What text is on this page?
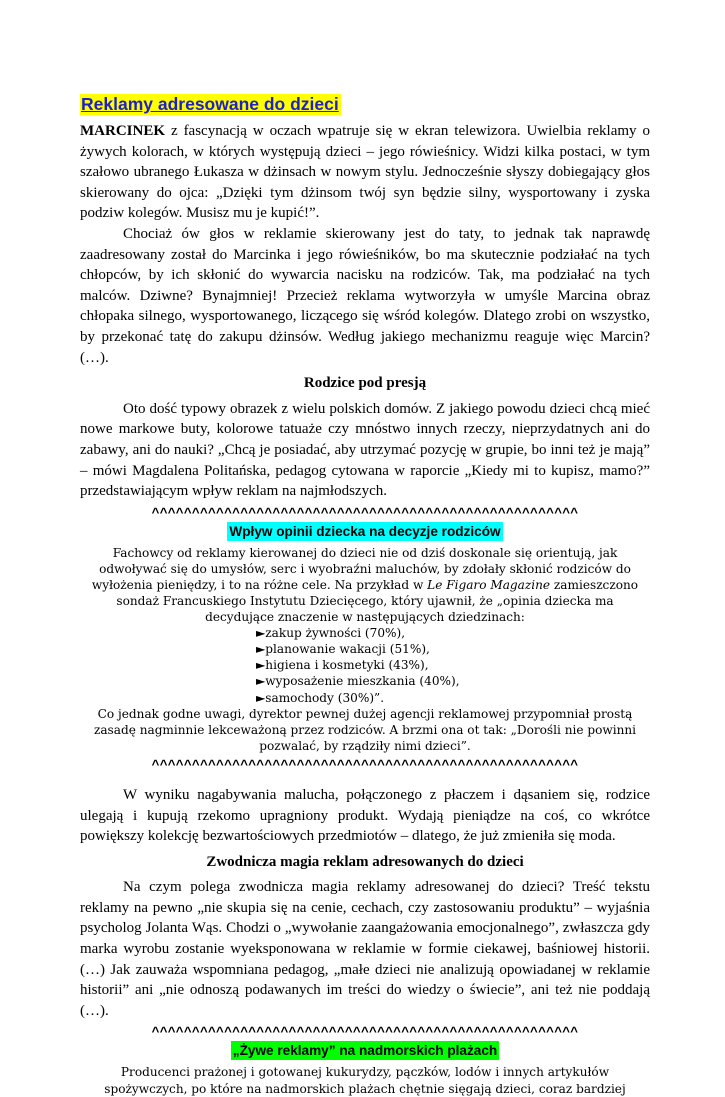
Reklamy adresowane do dzieci

MARCINEK z fascynacją w oczach wpatruje się w ekran telewizora. Uwielbia reklamy o żywych kolorach, w których występują dzieci – jego rówieśnicy. Widzi kilka postaci, w tym szałowo ubranego Łukasza w dżinsach w nowym stylu. Jednocześnie słyszy dobiegający głos skierowany do ojca: „Dzięki tym dżinsom twój syn będzie silny, wysportowany i zyska podziw kolegów. Musisz mu je kupić!”.

Chociaż ów głos w reklamie skierowany jest do taty, to jednak tak naprawdę zaadresowany został do Marcinka i jego rówieśników, bo ma skutecznie podziałać na tych chłopców, by ich skłonić do wywarcia nacisku na rodziców. Tak, ma podziałać na tych malców. Dziwne? Bynajmniej! Przecież reklama wytworzyła w umyśle Marcina obraz chłopaka silnego, wysportowanego, liczącego się wśród kolegów. Dlatego zrobi on wszystko, by przekonać tatę do zakupu dżinsów. Według jakiego mechanizmu reaguje więc Marcin? (…).

Rodzice pod presją

Oto dość typowy obrazek z wielu polskich domów. Z jakiego powodu dzieci chcą mieć nowe markowe buty, kolorowe tatuaże czy mnóstwo innych rzeczy, nieprzydatnych ani do zabawy, ani do nauki? „Chcą je posiadać, aby utrzymać pozycję w grupie, bo inni też je mają” – mówi Magdalena Politańska, pedagog cytowana w raporcie „Kiedy mi to kupisz, mamo?” przedstawiającym wpływ reklam na najmłodszych.

^^^^^^^^^^^^^^^^^^^^^^^^^^^^^^^^^^^^^^^^^^^^^^^^^^^^^
Wpływ opinii dziecka na decyzje rodziców

Fachowcy od reklamy kierowanej do dzieci nie od dziś doskonale się orientują, jak odwoływać się do umysłów, serc i wyobraźni maluchów, by zdołały skłonić rodziców do wyłożenia pieniędzy, i to na różne cele. Na przykład w Le Figaro Magazine zamieszczono sondaż Francuskiego Instytutu Dziecięcego, który ujawnił, że „opinia dziecka ma decydujące znaczenie w następujących dziedzinach:

►zakup żywności (70%),
►planowanie wakacji (51%),
►higiena i kosmetyki (43%),
►wyposażenie mieszkania (40%),
►samochody (30%)”.

Co jednak godne uwagi, dyrektor pewnej dużej agencji reklamowej przypomniał prostą zasadę nagminnie lekceważoną przez rodziców. A brzmi ona ot tak: „Dorośli nie powinni pozwalać, by rządziły nimi dzieci”.

^^^^^^^^^^^^^^^^^^^^^^^^^^^^^^^^^^^^^^^^^^^^^^^^^^^^^

W wyniku nagabywania malucha, połączonego z płaczem i dąsaniem się, rodzice ulegają i kupują rzekomo upragniony produkt. Wydają pieniądze na coś, co wkrótce powiększy kolekcję bezwartościowych przedmiotów – dlatego, że już zmieniła się moda.

Zwodnicza magia reklam adresowanych do dzieci

Na czym polega zwodnicza magia reklamy adresowanej do dzieci? Treść tekstu reklamy na pewno „nie skupia się na cenie, cechach, czy zastosowaniu produktu” – wyjaśnia psycholog Jolanta Wąs. Chodzi o „wywołanie zaangażowania emocjonalnego”, zwłaszcza gdy marka wyrobu zostanie wyeksponowana w reklamie w formie ciekawej, baśniowej historii. (…) Jak zauważa wspomniana pedagog, „małe dzieci nie analizują opowiadanej w reklamie historii” ani „nie odnoszą podawanych im treści do wiedzy o świecie”, ani też nie poddają (…).

^^^^^^^^^^^^^^^^^^^^^^^^^^^^^^^^^^^^^^^^^^^^^^^^^^^^^
„Żywe reklamy” na nadmorskich plażach

Producenci prażonej i gotowanej kukurydzy, pączków, lodów i innych artykułów spożywczych, po które na nadmorskich plażach chętnie sięgają dzieci, coraz bardziej
